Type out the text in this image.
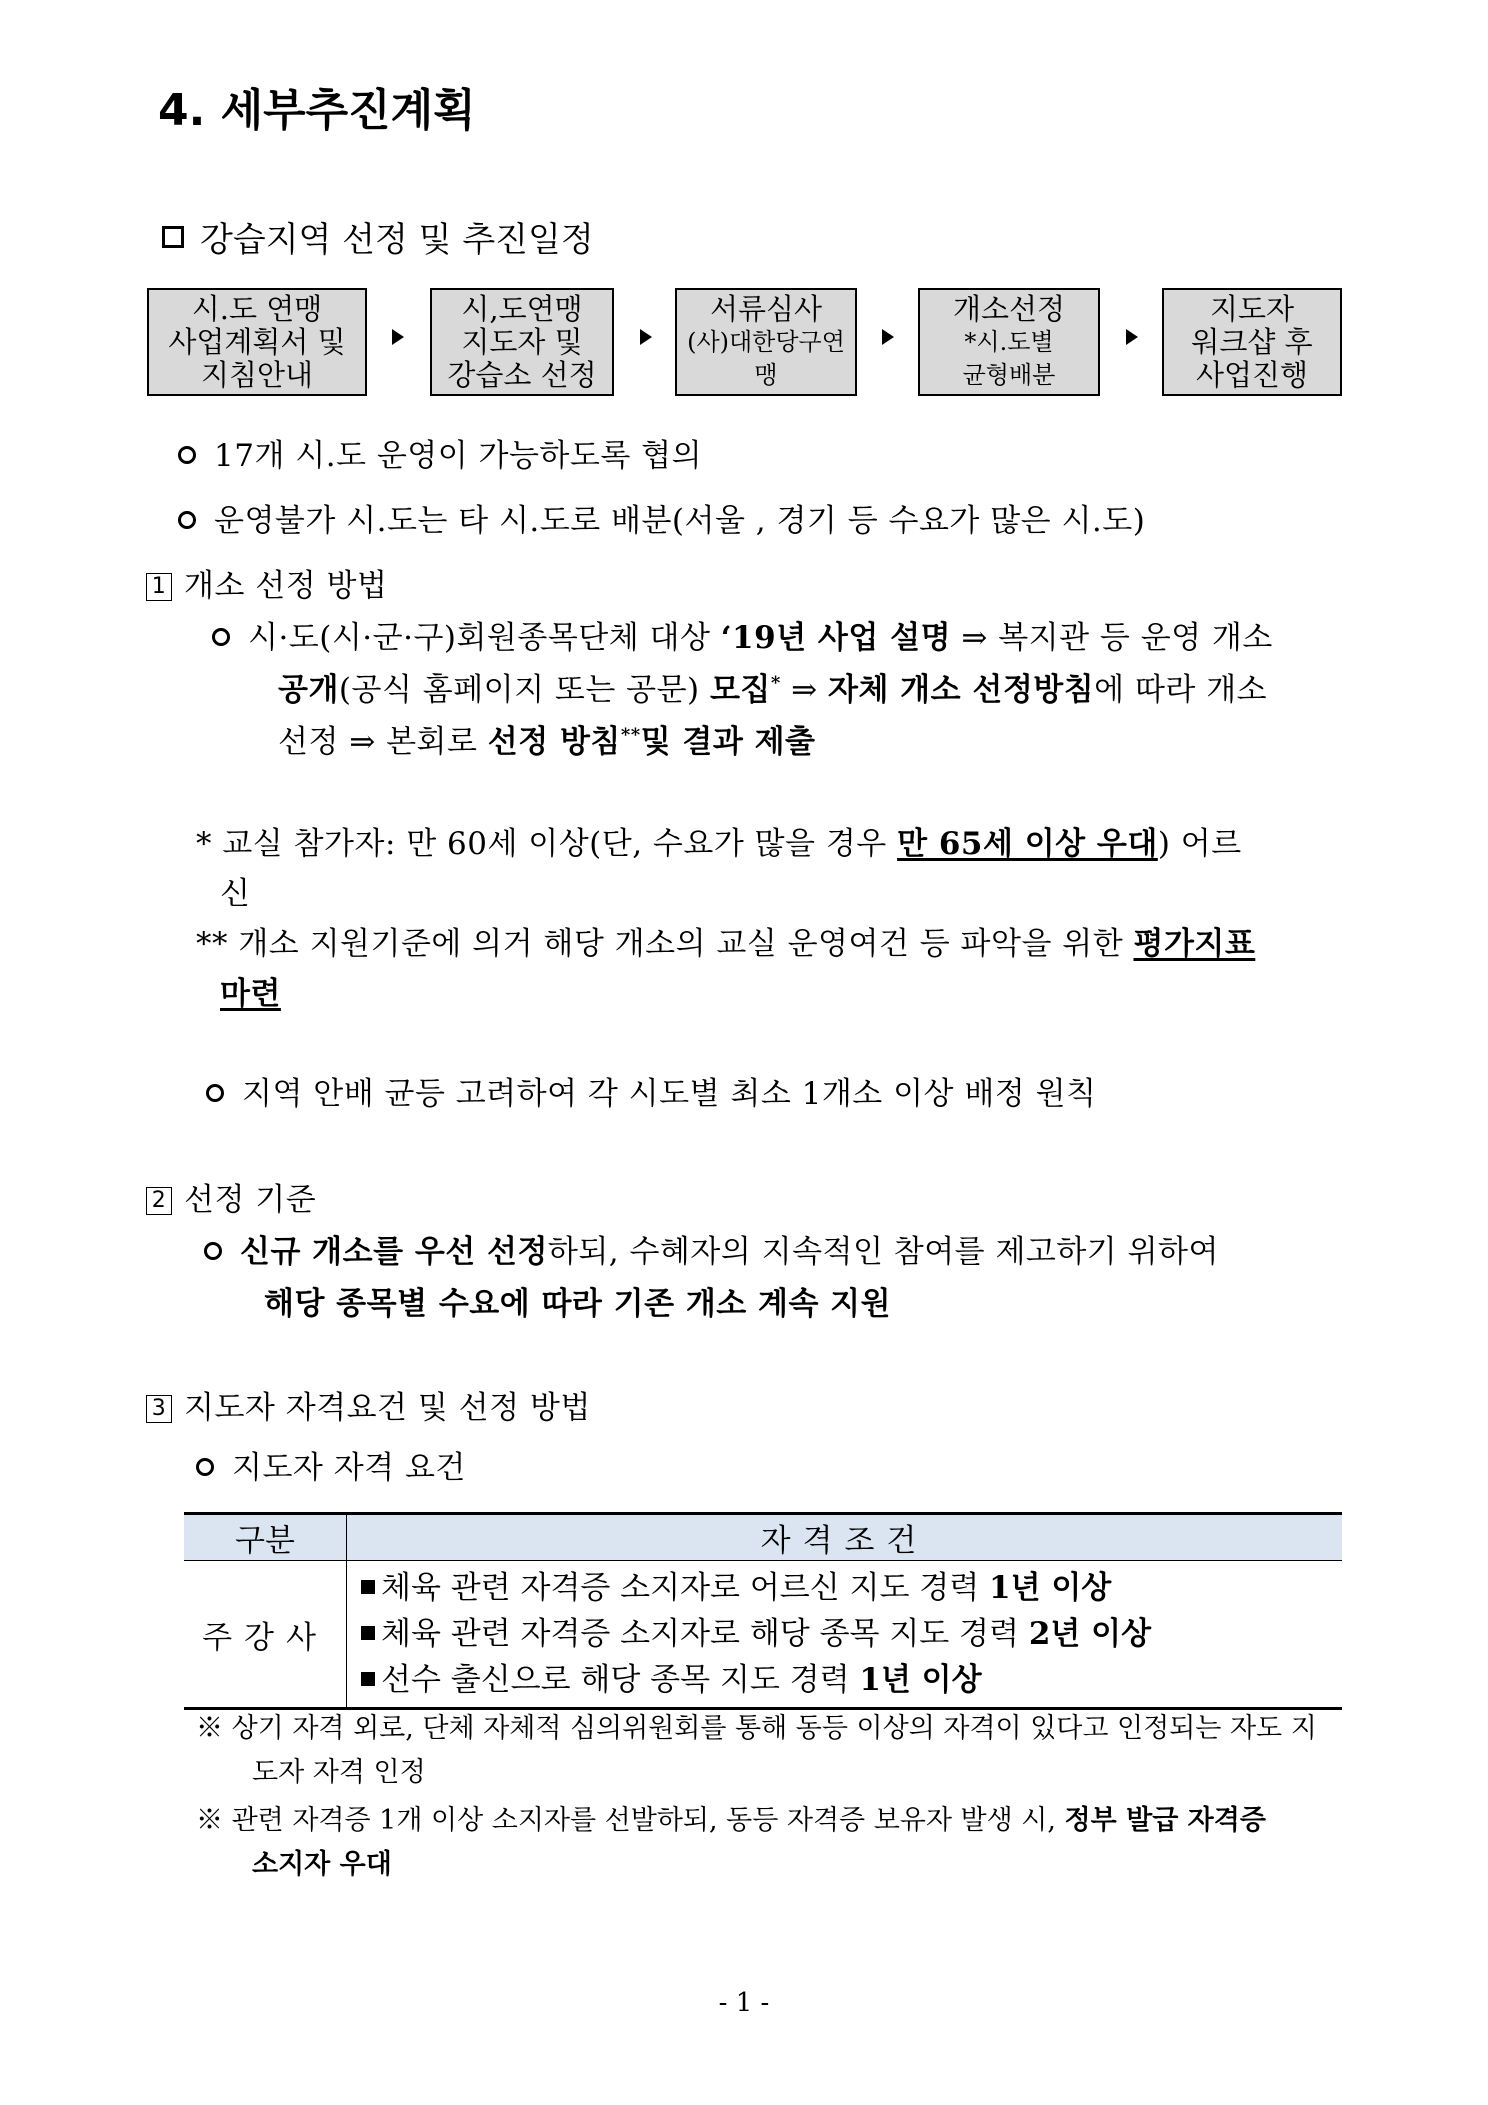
4. 세부추진계획
강습지역 선정 및 추진일정
시.도 연맹
사업계획서 및
지침안내
시,도연맹
지도자 및
강습소 선정
서류심사
(사)대한당구연
맹
개소선정
*시.도별
균형배분
지도자
워크샵 후
사업진행
17개 시.도 운영이 가능하도록 협의
운영불가 시.도는 타 시.도로 배분(서울 , 경기 등 수요가 많은 시.도)
1 개소 선정 방법
시·도(시·군·구)회원종목단체 대상 ‘19년 사업 설명 ⇒ 복지관 등 운영 개소
공개(공식 홈페이지 또는 공문) 모집* ⇒ 자체 개소 선정방침에 따라 개소
선정 ⇒ 본회로 선정 방침**및 결과 제출
* 교실 참가자: 만 60세 이상(단, 수요가 많을 경우 만 65세 이상 우대) 어르
신
** 개소 지원기준에 의거 해당 개소의 교실 운영여건 등 파악을 위한 평가지표
마련
지역 안배 균등 고려하여 각 시도별 최소 1개소 이상 배정 원칙
2 선정 기준
신규 개소를 우선 선정하되, 수혜자의 지속적인 참여를 제고하기 위하여
해당 종목별 수요에 따라 기존 개소 계속 지원
3 지도자 자격요건 및 선정 방법
지도자 자격 요건
구분	자격조건
주강사	체육 관련 자격증 소지자로 어르신 지도 경력 1년 이상
체육 관련 자격증 소지자로 해당 종목 지도 경력 2년 이상
선수 출신으로 해당 종목 지도 경력 1년 이상
※ 상기 자격 외로, 단체 자체적 심의위원회를 통해 동등 이상의 자격이 있다고 인정되는 자도 지
도자 자격 인정
※ 관련 자격증 1개 이상 소지자를 선발하되, 동등 자격증 보유자 발생 시, 정부 발급 자격증
소지자 우대
- 1 -
